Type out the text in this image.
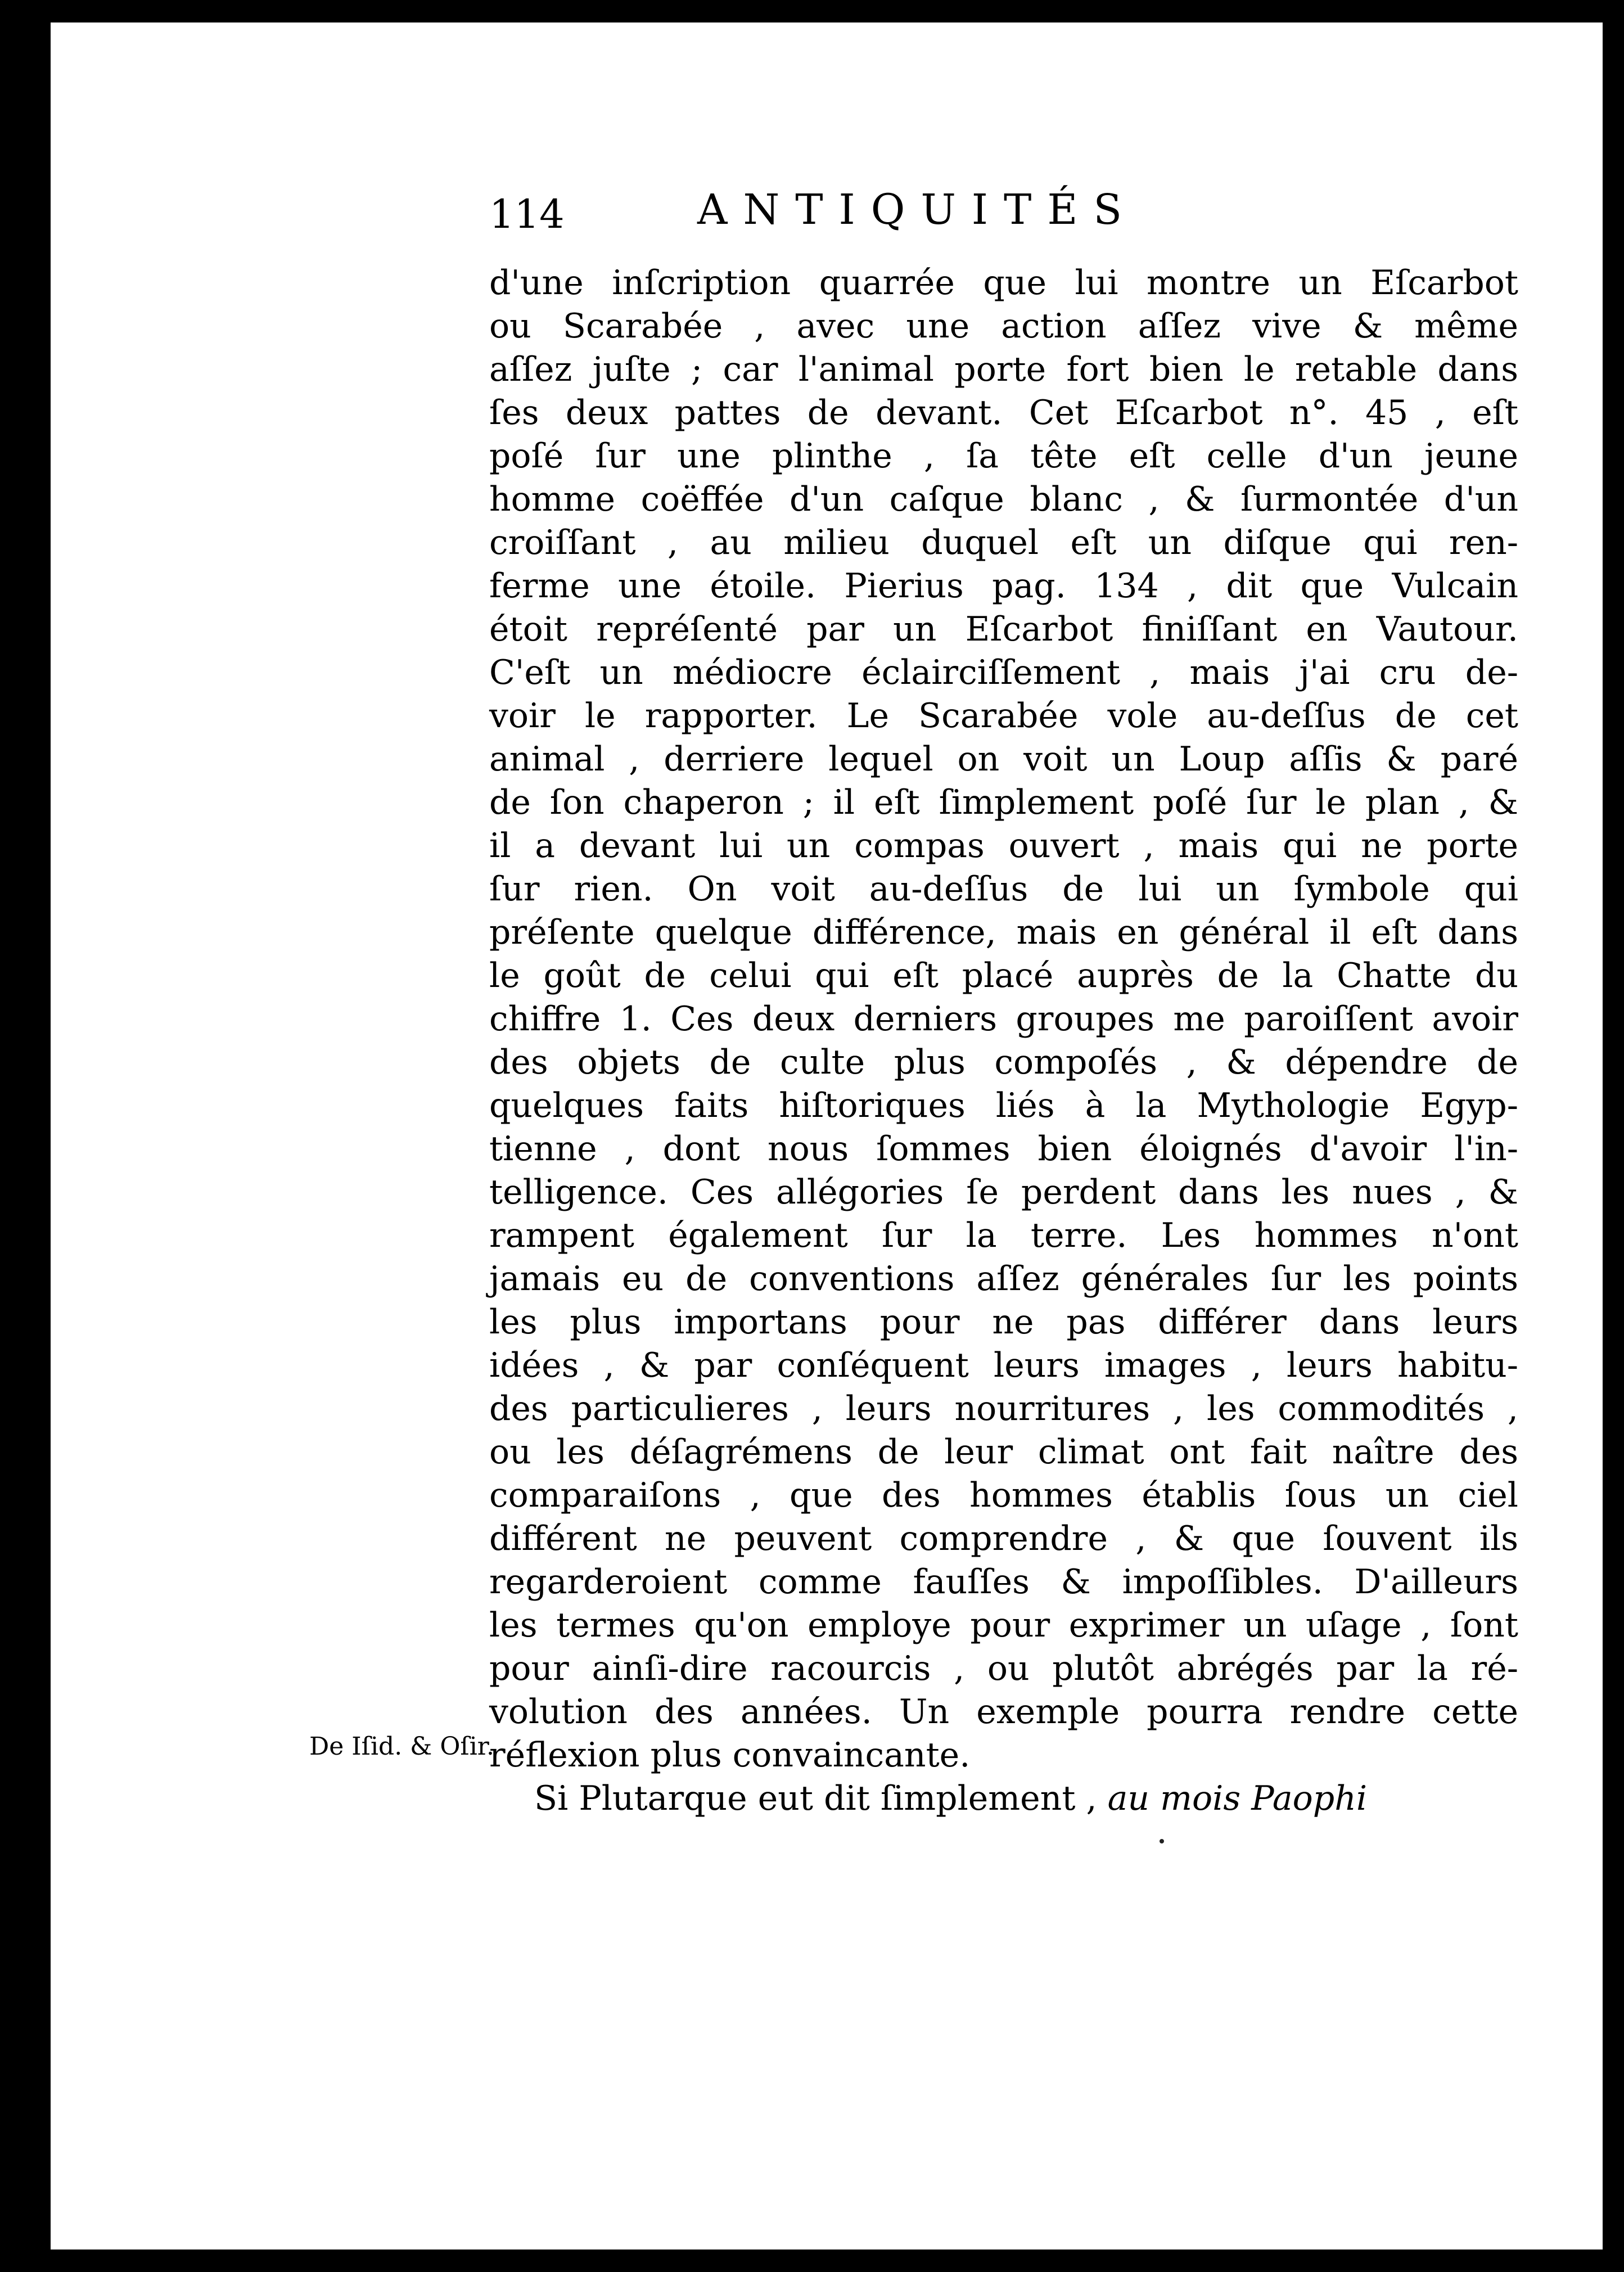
114	ANTIQUITÉS
d'une inſcription quarrée que lui montre un Eſcarbot
ou Scarabée , avec une action aſſez vive & même
aſſez juſte ; car l'animal porte fort bien le retable dans
ſes deux pattes de devant. Cet Eſcarbot n°. 45 , eſt
poſé ſur une plinthe , ſa tête eſt celle d'un jeune
homme coëffée d'un caſque blanc , & ſurmontée d'un
croiſſant , au milieu duquel eſt un diſque qui ren-
ferme une étoile. Pierius pag. 134 , dit que Vulcain
étoit repréſenté par un Eſcarbot finiſſant en Vautour.
C'eſt un médiocre éclairciſſement , mais j'ai cru de-
voir le rapporter. Le Scarabée vole au-deſſus de cet
animal , derriere lequel on voit un Loup aſſis & paré
de ſon chaperon ; il eſt ſimplement poſé ſur le plan , &
il a devant lui un compas ouvert , mais qui ne porte
ſur rien. On voit au-deſſus de lui un ſymbole qui
préſente quelque différence, mais en général il eſt dans
le goût de celui qui eſt placé auprès de la Chatte du
chiffre 1. Ces deux derniers groupes me paroiſſent avoir
des objets de culte plus compoſés , & dépendre de
quelques faits hiſtoriques liés à la Mythologie Egyp-
tienne , dont nous ſommes bien éloignés d'avoir l'in-
telligence. Ces allégories ſe perdent dans les nues , &
rampent également ſur la terre. Les hommes n'ont
jamais eu de conventions aſſez générales ſur les points
les plus importans pour ne pas différer dans leurs
idées , & par conſéquent leurs images , leurs habitu-
des particulieres , leurs nourritures , les commodités ,
ou les déſagrémens de leur climat ont fait naître des
comparaiſons , que des hommes établis ſous un ciel
différent ne peuvent comprendre , & que ſouvent ils
regarderoient comme fauſſes & impoſſibles. D'ailleurs
les termes qu'on employe pour exprimer un uſage , ſont
pour ainſi-dire racourcis , ou plutôt abrégés par la ré-
volution des années. Un exemple pourra rendre cette
réflexion plus convaincante.
Si Plutarque eut dit ſimplement , au mois Paophi
De Iſid. & Oſir.
